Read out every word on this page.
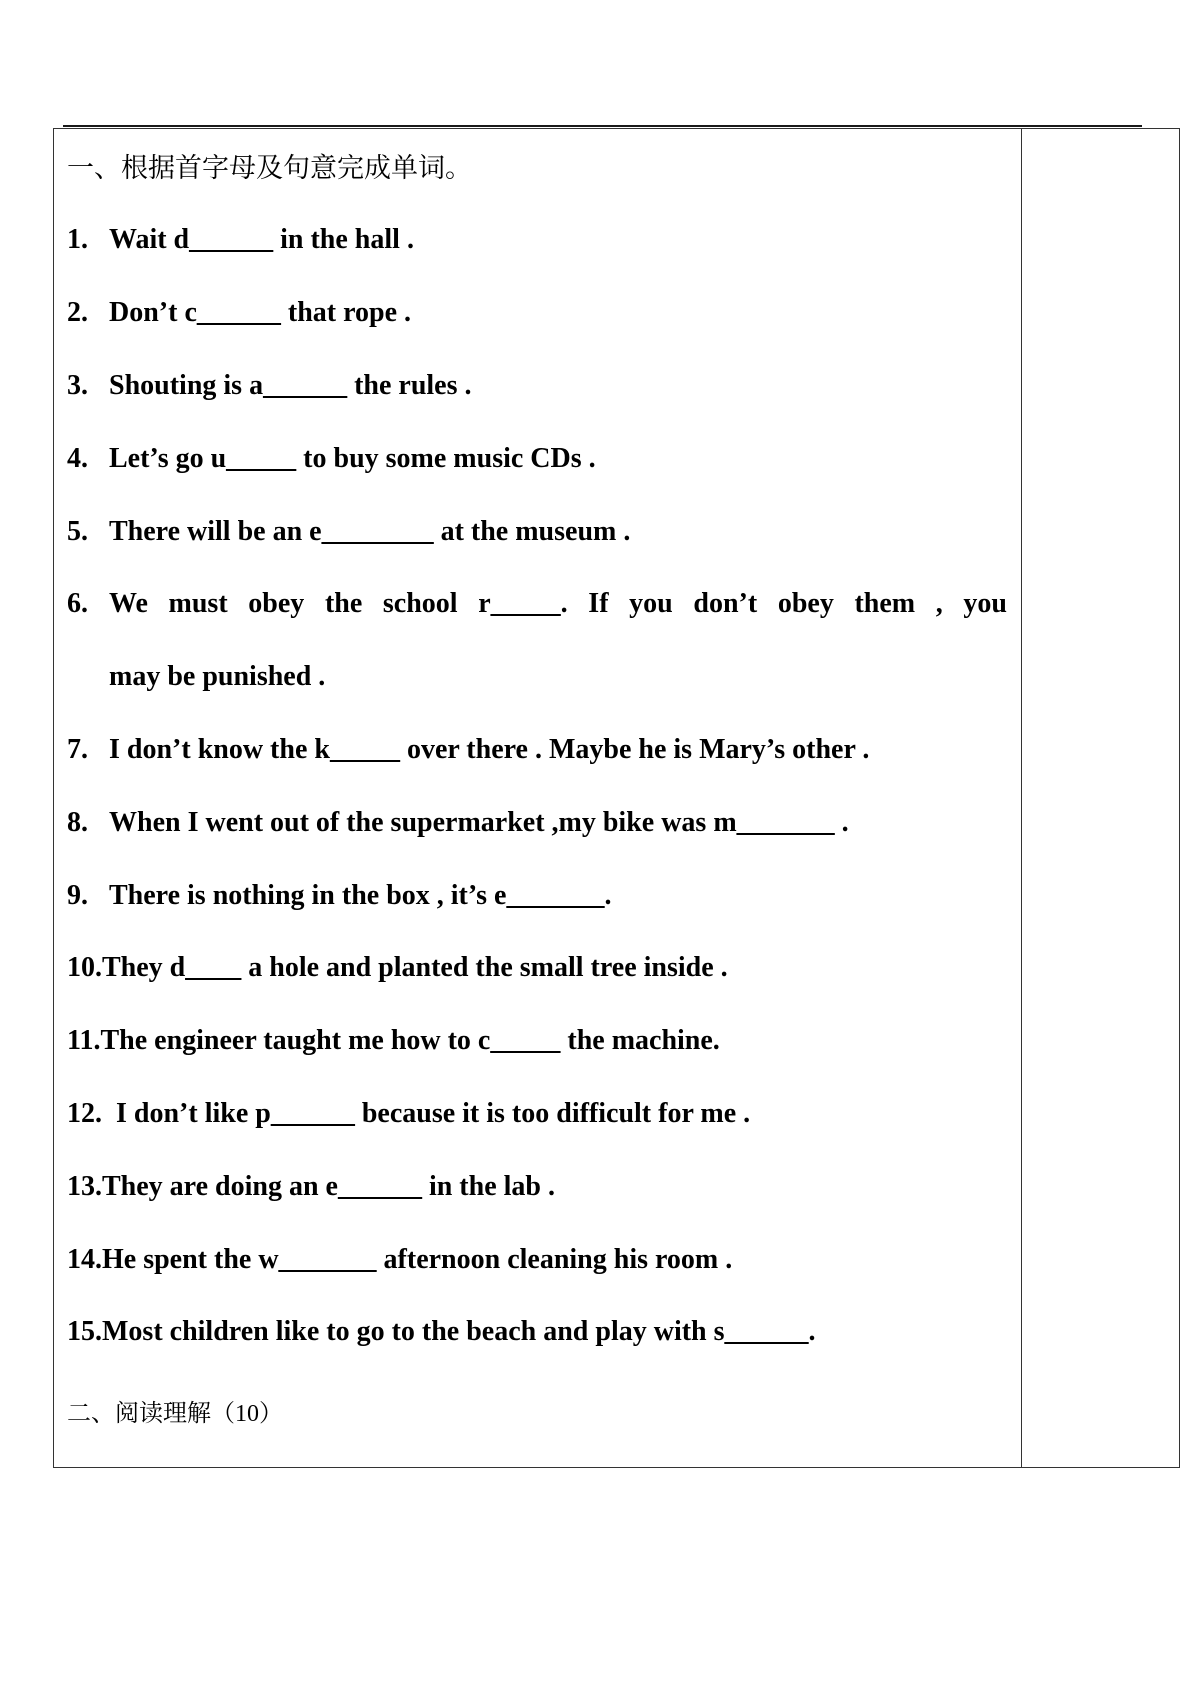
一、根据首字母及句意完成单词。

1.

Wait d______ in the hall .

2.

Don’t c______ that rope .

3.

Shouting is a______ the rules .

4.

Let’s go u_____ to buy some music CDs .

5.

There will be an e________ at the museum .

6.

We must obey the school r_____. If you don’t obey them , you

may be punished .

7.

I don’t know the k_____ over there . Maybe he is Mary’s other .

8.

When I went out of the supermarket ,my bike was m_______ .

9.

There is nothing in the box , it’s e_______.

10.They d____ a hole and planted the small tree inside .
11.The engineer taught me how to c_____ the machine.
12.  I don’t like p______ because it is too difficult for me .
13.They are doing an e______ in the lab .
14.He spent the w_______ afternoon cleaning his room .
15.Most children like to go to the beach and play with s______.
二、阅读理解（10）
